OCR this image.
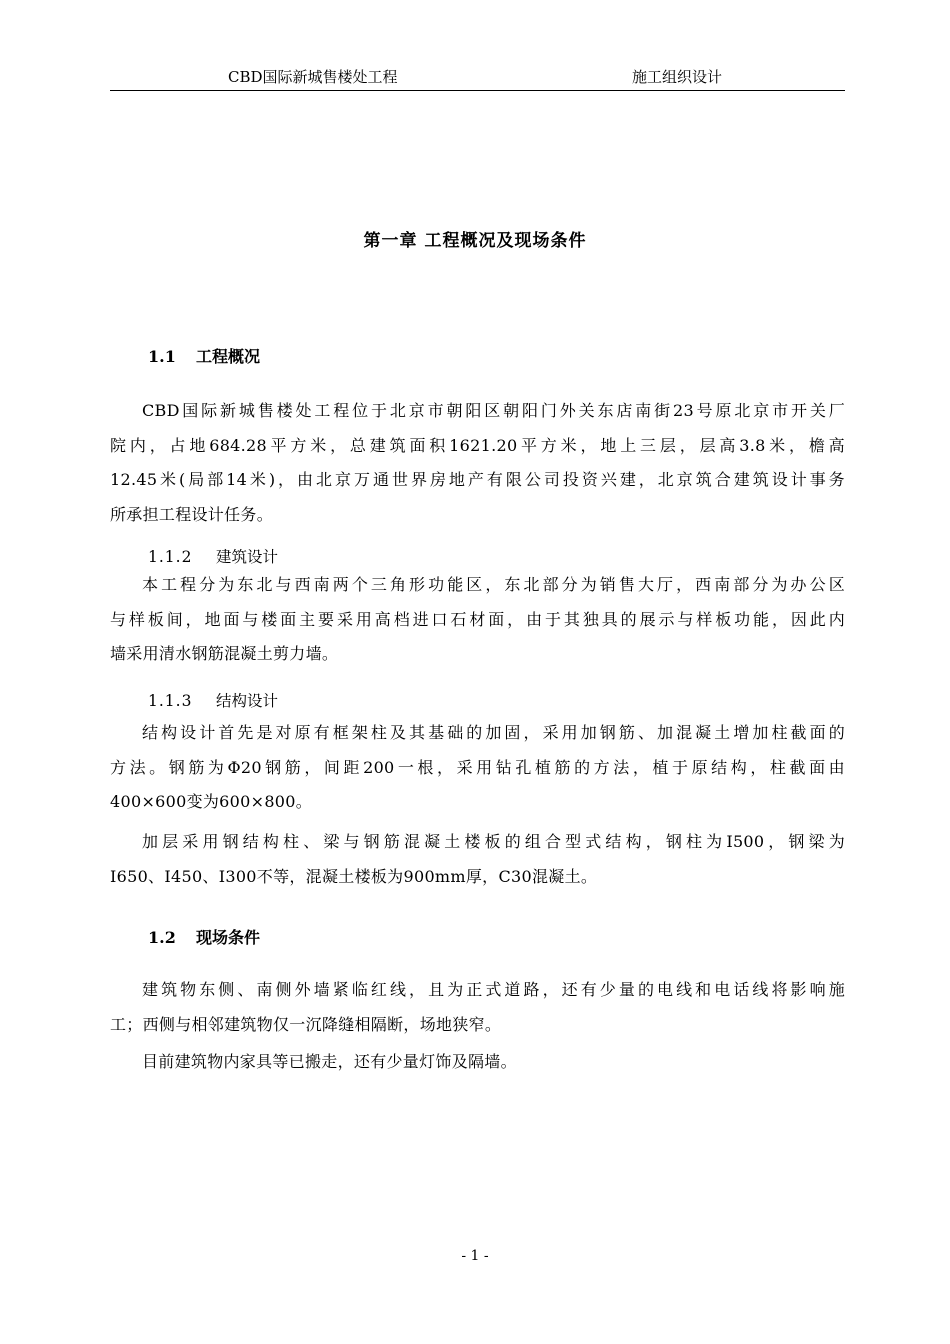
CBD国际新城售楼处工程	施工组织设计
第一章 工程概况及现场条件
1.1 工程概况

CBD国际新城售楼处工程位于北京市朝阳区朝阳门外关东店南街23号原北京市开关厂

院内，占地684.28平方米，总建筑面积1621.20平方米，地上三层，层高3.8米，檐高

12.45米(局部14米)，由北京万通世界房地产有限公司投资兴建，北京筑合建筑设计事务

所承担工程设计任务。

1.1.2 建筑设计

本工程分为东北与西南两个三角形功能区，东北部分为销售大厅，西南部分为办公区

与样板间，地面与楼面主要采用高档进口石材面，由于其独具的展示与样板功能，因此内

墙采用清水钢筋混凝土剪力墙。

1.1.3 结构设计

结构设计首先是对原有框架柱及其基础的加固，采用加钢筋、加混凝土增加柱截面的

方法。钢筋为Φ20钢筋，间距200一根，采用钻孔植筋的方法，植于原结构，柱截面由

400×600变为600×800。

加层采用钢结构柱、梁与钢筋混凝土楼板的组合型式结构，钢柱为I500，钢梁为

I650、I450、I300不等，混凝土楼板为900mm厚，C30混凝土。

1.2 现场条件

建筑物东侧、南侧外墙紧临红线，且为正式道路，还有少量的电线和电话线将影响施

工；西侧与相邻建筑物仅一沉降缝相隔断，场地狭窄。

目前建筑物内家具等已搬走，还有少量灯饰及隔墙。

- 1 -
